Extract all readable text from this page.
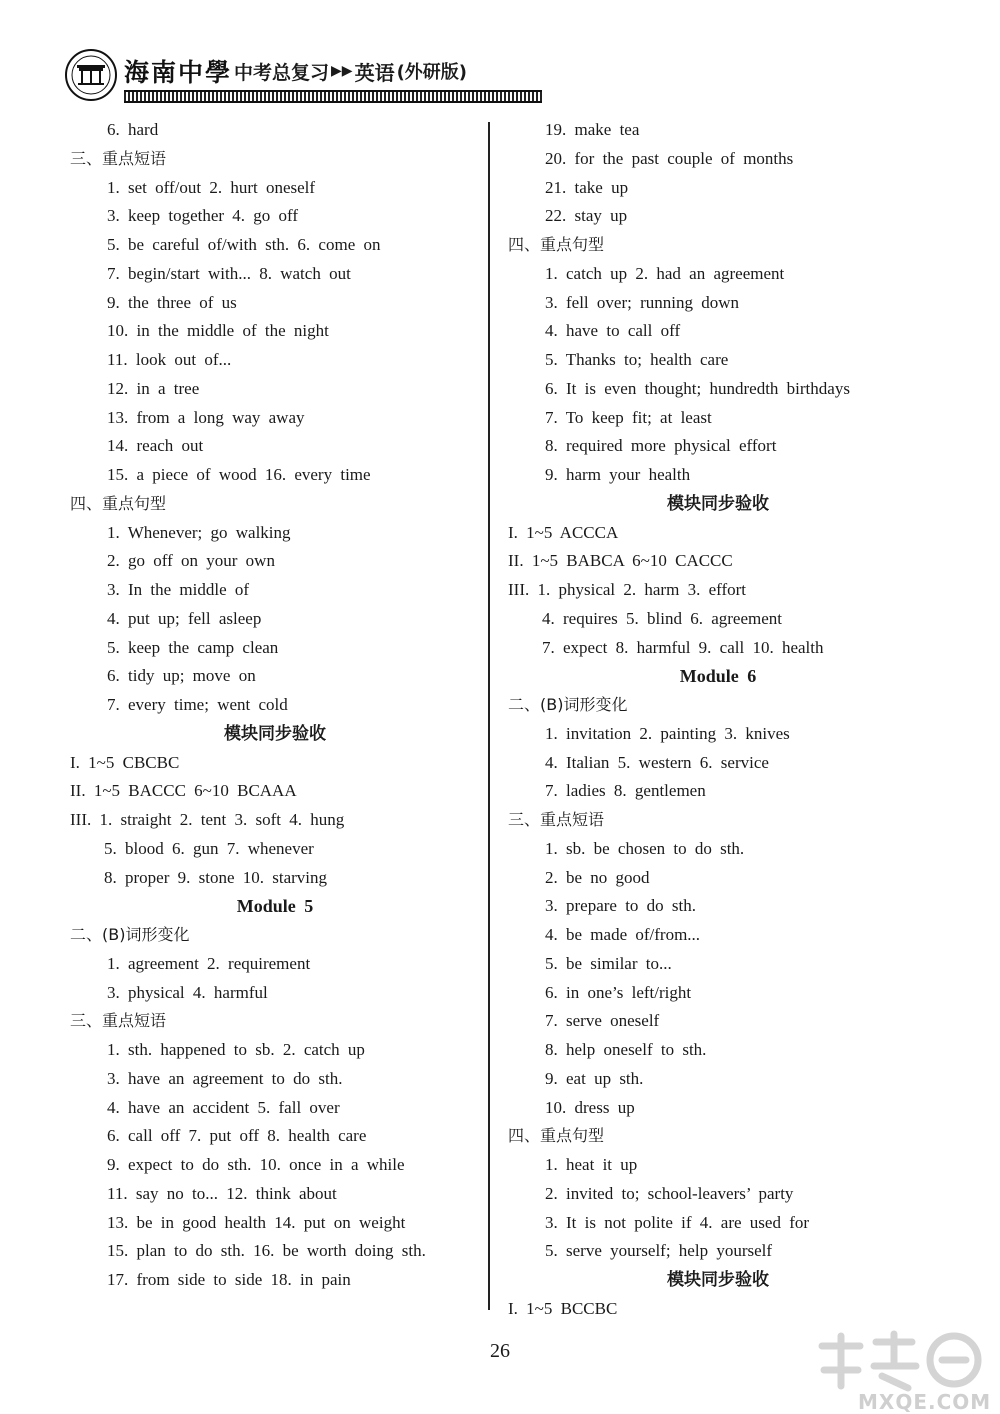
海南中學 中考总复习 ▶▶ 英语 (外研版)
6. hard
三、重点短语
1. set off/out 2. hurt oneself
3. keep together 4. go off
5. be careful of/with sth. 6. come on
7. begin/start with... 8. watch out
9. the three of us
10. in the middle of the night
11. look out of...
12. in a tree
13. from a long way away
14. reach out
15. a piece of wood 16. every time
四、重点句型
1. Whenever; go walking
2. go off on your own
3. In the middle of
4. put up; fell asleep
5. keep the camp clean
6. tidy up; move on
7. every time; went cold
模块同步验收
I. 1~5 CBCBC
II. 1~5 BACCC 6~10 BCAAA
III. 1. straight 2. tent 3. soft 4. hung
5. blood 6. gun 7. whenever
8. proper 9. stone 10. starving
Module 5
二、(B)词形变化
1. agreement 2. requirement
3. physical 4. harmful
三、重点短语
1. sth. happened to sb. 2. catch up
3. have an agreement to do sth.
4. have an accident 5. fall over
6. call off 7. put off 8. health care
9. expect to do sth. 10. once in a while
11. say no to... 12. think about
13. be in good health 14. put on weight
15. plan to do sth. 16. be worth doing sth.
17. from side to side 18. in pain
19. make tea
20. for the past couple of months
21. take up
22. stay up
四、重点句型
1. catch up 2. had an agreement
3. fell over; running down
4. have to call off
5. Thanks to; health care
6. It is even thought; hundredth birthdays
7. To keep fit; at least
8. required more physical effort
9. harm your health
模块同步验收
I. 1~5 ACCCA
II. 1~5 BABCA 6~10 CACCC
III. 1. physical 2. harm 3. effort
4. requires 5. blind 6. agreement
7. expect 8. harmful 9. call 10. health
Module 6
二、(B)词形变化
1. invitation 2. painting 3. knives
4. Italian 5. western 6. service
7. ladies 8. gentlemen
三、重点短语
1. sb. be chosen to do sth.
2. be no good
3. prepare to do sth.
4. be made of/from...
5. be similar to...
6. in one’s left/right
7. serve oneself
8. help oneself to sth.
9. eat up sth.
10. dress up
四、重点句型
1. heat it up
2. invited to; school-leavers’ party
3. It is not polite if 4. are used for
5. serve yourself; help yourself
模块同步验收
I. 1~5 BCCBC
26
MXQE.COM
